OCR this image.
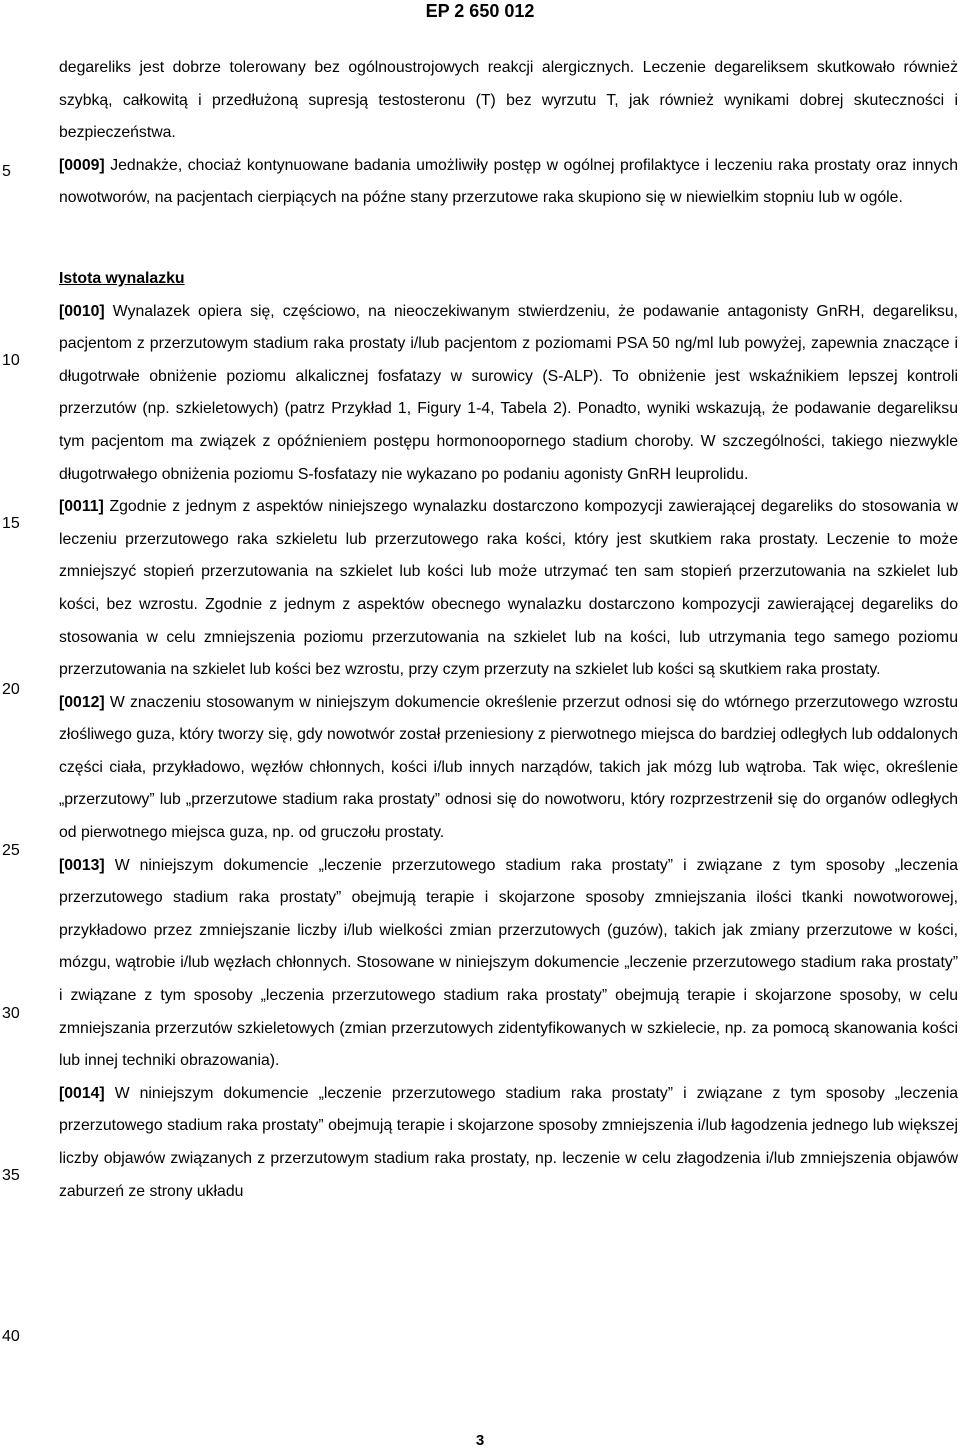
EP 2 650 012
5
10
15
20
25
30
35
40

degareliks jest dobrze tolerowany bez ogólnoustrojowych reakcji alergicznych. Leczenie degareliksem skutkowało również szybką, całkowitą i przedłużoną supresją testosteronu (T) bez wyrzutu T, jak również wynikami dobrej skuteczności i bezpieczeństwa.

[0009] Jednakże, chociaż kontynuowane badania umożliwiły postęp w ogólnej profilaktyce i leczeniu raka prostaty oraz innych nowotworów, na pacjentach cierpiących na późne stany przerzutowe raka skupiono się w niewielkim stopniu lub w ogóle.

Istota wynalazku

[0010] Wynalazek opiera się, częściowo, na nieoczekiwanym stwierdzeniu, że podawanie antagonisty GnRH, degareliksu, pacjentom z przerzutowym stadium raka prostaty i/lub pacjentom z poziomami PSA 50 ng/ml lub powyżej, zapewnia znaczące i długotrwałe obniżenie poziomu alkalicznej fosfatazy w surowicy (S-ALP). To obniżenie jest wskaźnikiem lepszej kontroli przerzutów (np. szkieletowych) (patrz Przykład 1, Figury 1-4, Tabela 2). Ponadto, wyniki wskazują, że podawanie degareliksu tym pacjentom ma związek z opóźnieniem postępu hormonoopornego stadium choroby. W szczególności, takiego niezwykle długotrwałego obniżenia poziomu S-fosfatazy nie wykazano po podaniu agonisty GnRH leuprolidu.

[0011] Zgodnie z jednym z aspektów niniejszego wynalazku dostarczono kompozycji zawierającej degareliks do stosowania w leczeniu przerzutowego raka szkieletu lub przerzutowego raka kości, który jest skutkiem raka prostaty. Leczenie to może zmniejszyć stopień przerzutowania na szkielet lub kości lub może utrzymać ten sam stopień przerzutowania na szkielet lub kości, bez wzrostu. Zgodnie z jednym z aspektów obecnego wynalazku dostarczono kompozycji zawierającej degareliks do stosowania w celu zmniejszenia poziomu przerzutowania na szkielet lub na kości, lub utrzymania tego samego poziomu przerzutowania na szkielet lub kości bez wzrostu, przy czym przerzuty na szkielet lub kości są skutkiem raka prostaty.

[0012] W znaczeniu stosowanym w niniejszym dokumencie określenie przerzut odnosi się do wtórnego przerzutowego wzrostu złośliwego guza, który tworzy się, gdy nowotwór został przeniesiony z pierwotnego miejsca do bardziej odległych lub oddalonych części ciała, przykładowo, węzłów chłonnych, kości i/lub innych narządów, takich jak mózg lub wątroba. Tak więc, określenie „przerzutowy” lub „przerzutowe stadium raka prostaty” odnosi się do nowotworu, który rozprzestrzenił się do organów odległych od pierwotnego miejsca guza, np. od gruczołu prostaty.

[0013] W niniejszym dokumencie „leczenie przerzutowego stadium raka prostaty” i związane z tym sposoby „leczenia przerzutowego stadium raka prostaty” obejmują terapie i skojarzone sposoby zmniejszania ilości tkanki nowotworowej, przykładowo przez zmniejszanie liczby i/lub wielkości zmian przerzutowych (guzów), takich jak zmiany przerzutowe w kości, mózgu, wątrobie i/lub węzłach chłonnych. Stosowane w niniejszym dokumencie „leczenie przerzutowego stadium raka prostaty” i związane z tym sposoby „leczenia przerzutowego stadium raka prostaty” obejmują terapie i skojarzone sposoby, w celu zmniejszania przerzutów szkieletowych (zmian przerzutowych zidentyfikowanych w szkielecie, np. za pomocą skanowania kości lub innej techniki obrazowania).

[0014] W niniejszym dokumencie „leczenie przerzutowego stadium raka prostaty” i związane z tym sposoby „leczenia przerzutowego stadium raka prostaty” obejmują terapie i skojarzone sposoby zmniejszenia i/lub łagodzenia jednego lub większej liczby objawów związanych z przerzutowym stadium raka prostaty, np. leczenie w celu złagodzenia i/lub zmniejszenia objawów zaburzeń ze strony układu

3
